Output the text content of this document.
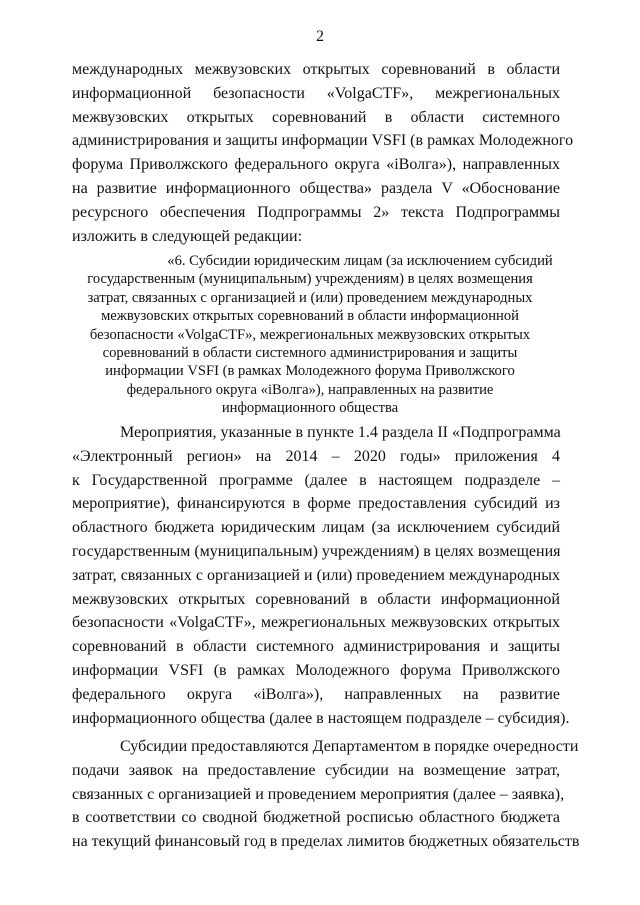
2
международных межвузовских открытых соревнований в области
информационной безопасности «VolgaCTF», межрегиональных
межвузовских открытых соревнований в области системного
администрирования и защиты информации VSFI (в рамках Молодежного
форума Приволжского федерального округа «iВолга»), направленных
на развитие информационного общества» раздела V «Обоснование
ресурсного обеспечения Подпрограммы 2» текста Подпрограммы
изложить в следующей редакции:
«6. Субсидии юридическим лицам (за исключением субсидий
государственным (муниципальным) учреждениям) в целях возмещения
затрат, связанных с организацией и (или) проведением международных
межвузовских открытых соревнований в области информационной
безопасности «VolgaCTF», межрегиональных межвузовских открытых
соревнований в области системного администрирования и защиты
информации VSFI (в рамках Молодежного форума Приволжского
федерального округа «iВолга»), направленных на развитие
информационного общества
Мероприятия, указанные в пункте 1.4 раздела II «Подпрограмма
«Электронный регион» на 2014 – 2020 годы» приложения 4
к Государственной программе (далее в настоящем подразделе –
мероприятие), финансируются в форме предоставления субсидий из
областного бюджета юридическим лицам (за исключением субсидий
государственным (муниципальным) учреждениям) в целях возмещения
затрат, связанных с организацией и (или) проведением международных
межвузовских открытых соревнований в области информационной
безопасности «VolgaCTF», межрегиональных межвузовских открытых
соревнований в области системного администрирования и защиты
информации VSFI (в рамках Молодежного форума Приволжского
федерального округа «iВолга»), направленных на развитие
информационного общества (далее в настоящем подразделе – субсидия).
Субсидии предоставляются Департаментом в порядке очередности
подачи заявок на предоставление субсидии на возмещение затрат,
связанных с организацией и проведением мероприятия (далее – заявка),
в соответствии со сводной бюджетной росписью областного бюджета
на текущий финансовый год в пределах лимитов бюджетных обязательств
